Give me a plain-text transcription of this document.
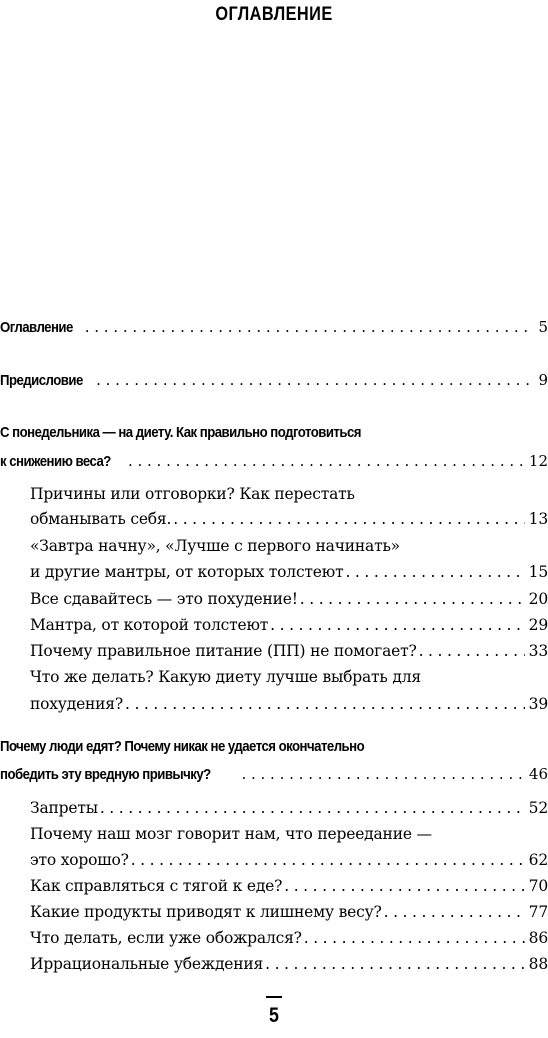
ОГЛАВЛЕНИЕ
Оглавление . . .	5
Предисловие . . .	9
С понедельника — на диету. Как правильно подготовиться
к снижению веса? . . .	12
Причины или отговорки? Как перестать
обманывать себя. . . .	13
«Завтра начну», «Лучше с первого начинать»
и другие мантры, от которых толстеют . . .	15
Все сдавайтесь — это похудение! . . .	20
Мантра, от которой толстеют . . .	29
Почему правильное питание (ПП) не помогает? . . .	33
Что же делать? Какую диету лучше выбрать для
похудения? . . .	39
Почему люди едят? Почему никак не удается окончательно
победить эту вредную привычку? . . .	46
Запреты . . .	52
Почему наш мозг говорит нам, что переедание —
это хорошо? . . .	62
Как справляться с тягой к еде? . . .	70
Какие продукты приводят к лишнему весу? . . .	77
Что делать, если уже обожрался? . . .	86
Иррациональные убеждения . . .	88
5
